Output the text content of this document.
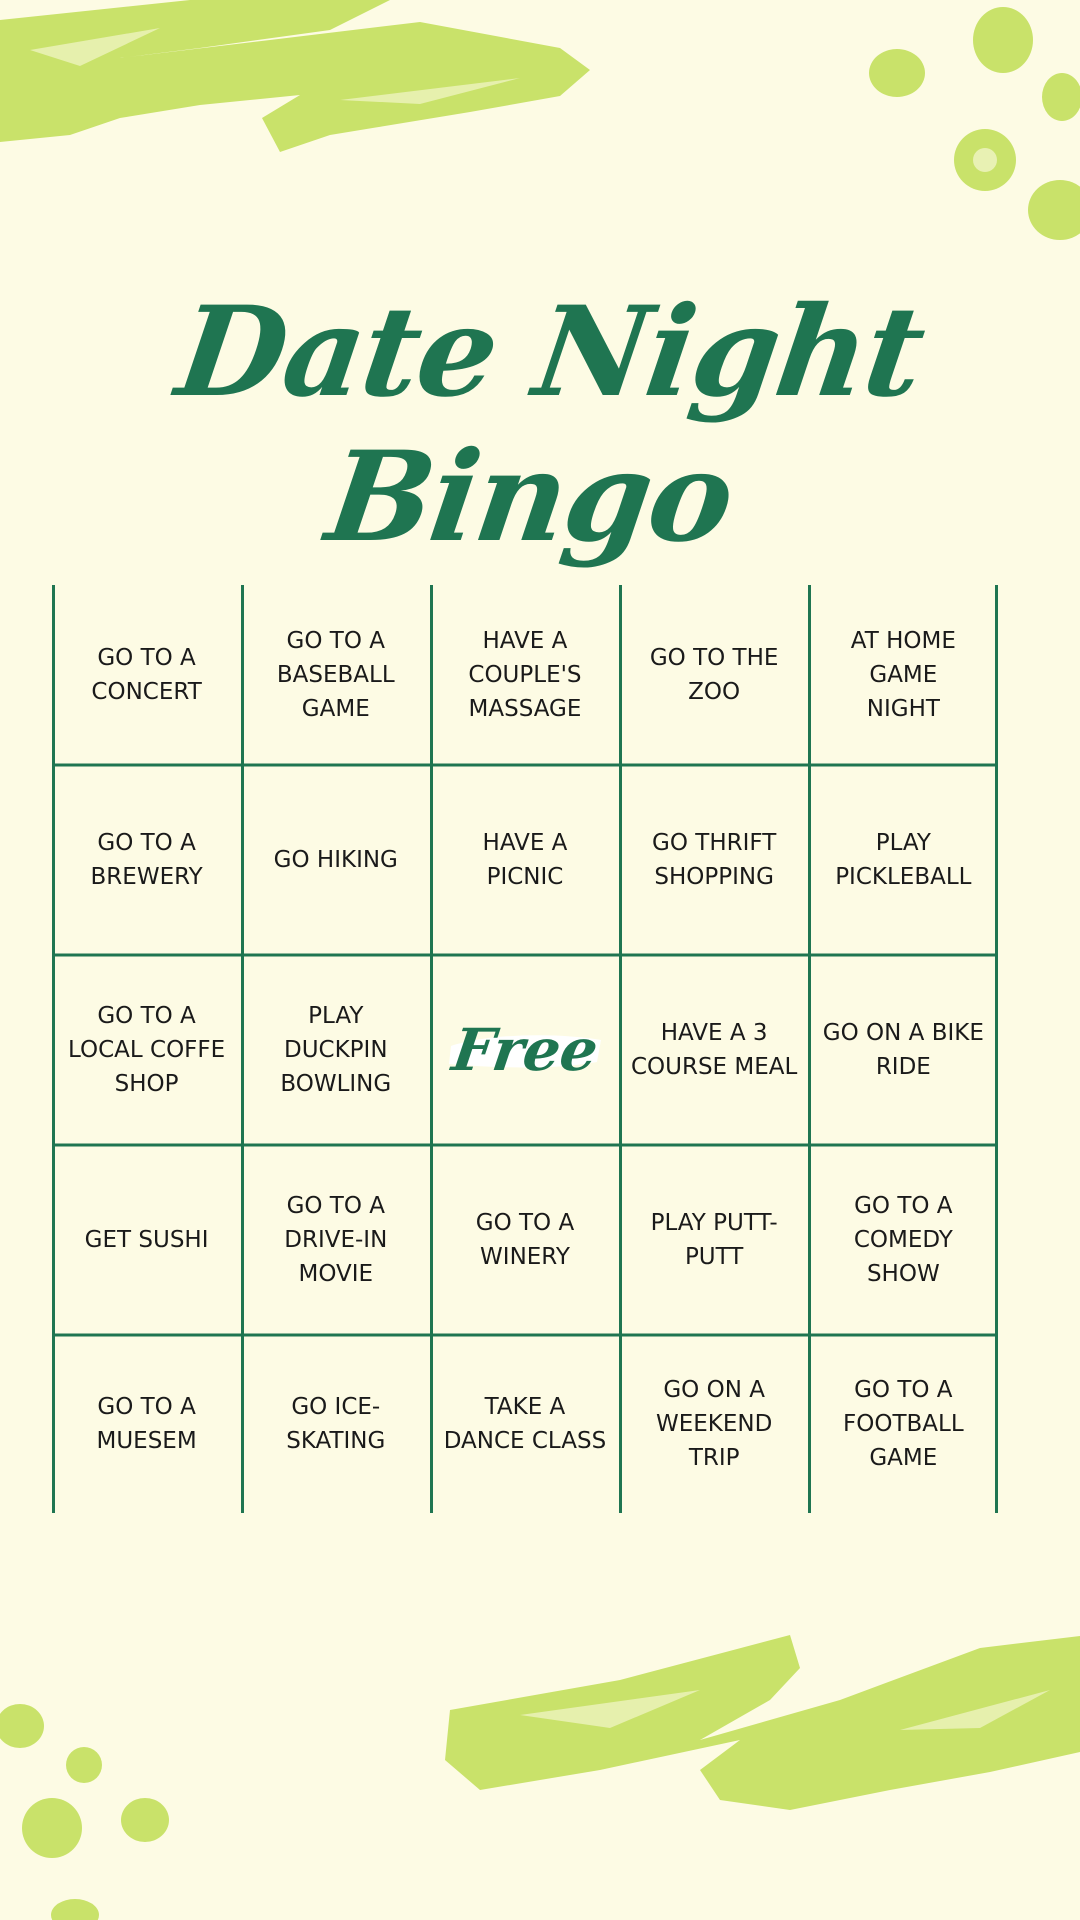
Date Night Bingo
GO TO A
CONCERT
GO TO A
BASEBALL
GAME
HAVE A
COUPLE'S
MASSAGE
GO TO THE
ZOO
AT HOME
GAME
NIGHT
GO TO A
BREWERY
GO HIKING
HAVE A
PICNIC
GO THRIFT
SHOPPING
PLAY
PICKLEBALL
GO TO A
LOCAL COFFE
SHOP
PLAY
DUCKPIN
BOWLING Free	HAVE A 3
COURSE MEAL
GO ON A BIKE
RIDE
GET SUSHI
GO TO A
DRIVE-IN
MOVIE
GO TO A
WINERY
PLAY PUTT-
PUTT
GO TO A
COMEDY
SHOW
GO TO A
MUESEM
GO ICE-
SKATING
TAKE A
DANCE CLASS
GO ON A
WEEKEND
TRIP
GO TO A
FOOTBALL
GAME
